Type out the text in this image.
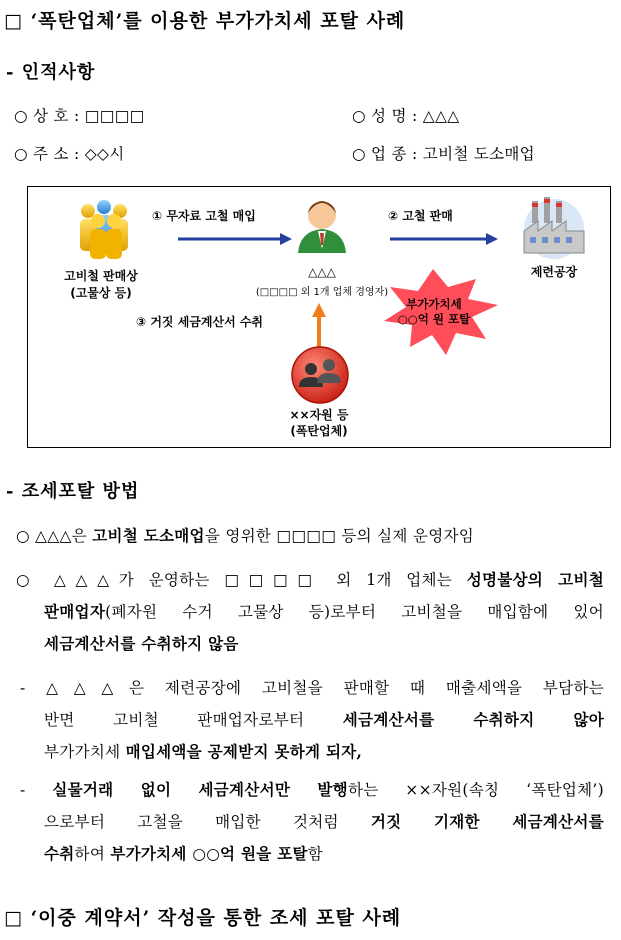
□ ‘폭탄업체’를 이용한 부가가치세 포탈 사례
- 인적사항
○ 상 호 : □□□□	○ 성 명 : △△△
○ 주 소 : ◇◇시	○ 업 종 : 고비철 도소매업
고비철 판매상
(고물상 등)
① 무자료 고철 매입
△△△
(□□□□ 외 1개 업체 경영자)
② 고철 판매
제련공장
③ 거짓 세금계산서 수취
부가가치세
○○억 원 포탈
××자원 등
(폭탄업체)
- 조세포탈 방법
○ △△△은 고비철 도소매업을 영위한 □□□□ 등의 실제 운영자임
○ △△△가 운영하는 □□□□ 외 1개 업체는 성명불상의 고비철
판매업자(폐자원 수거 고물상 등)로부터 고비철을 매입함에 있어
세금계산서를 수취하지 않음
- △△△은 제련공장에 고비철을 판매할 때 매출세액을 부담하는
반면 고비철 판매업자로부터 세금계산서를 수취하지 않아
부가가치세 매입세액을 공제받지 못하게 되자,
- 실물거래 없이 세금계산서만 발행하는 ××자원(속칭 ‘폭탄업체’)
으로부터 고철을 매입한 것처럼 거짓 기재한 세금계산서를
수취하여 부가가치세 ○○억 원을 포탈함
□ ‘이중 계약서’ 작성을 통한 조세 포탈 사례
